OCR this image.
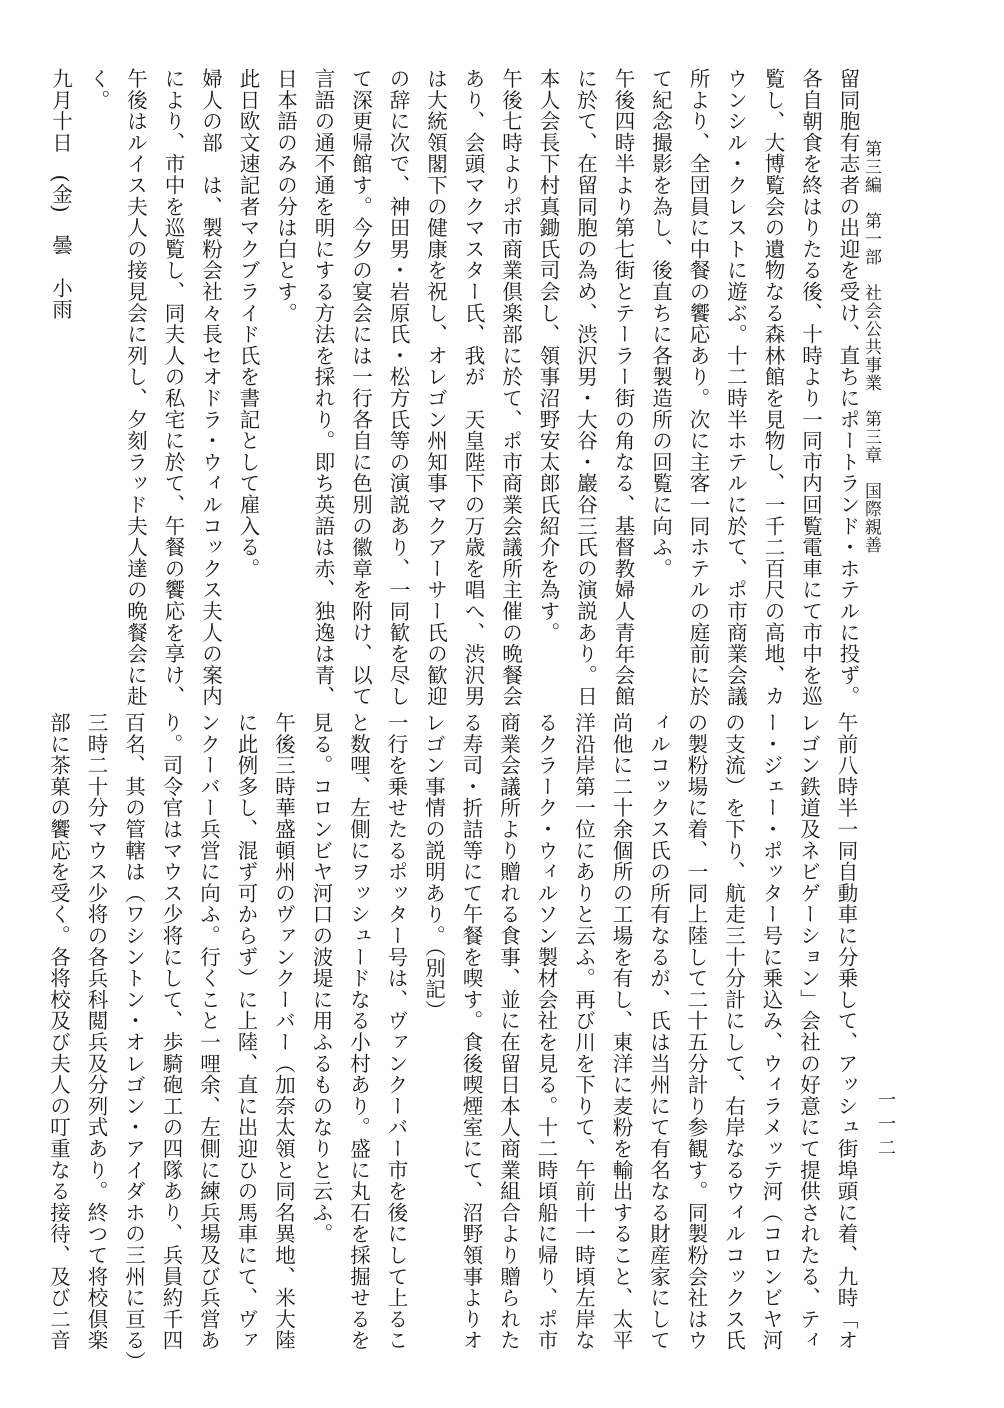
第三編　第一部　社会公共事業　第三章　国際親善
一一二
留同胞有志者の出迎を受け、直ちにポートランド・ホテルに投ず。
各自朝食を終はりたる後、十時より一同市内回覧電車にて市中を巡
覧し、大博覧会の遺物なる森林館を見物し、一千二百尺の高地、カ
ウンシル・クレストに遊ぶ。十二時半ホテルに於て、ポ市商業会議
所より、全団員に中餐の饗応あり。次に主客一同ホテルの庭前に於
て紀念撮影を為し、後直ちに各製造所の回覧に向ふ。
午後四時半より第七街とテーラー街の角なる、基督教婦人青年会館
に於て、在留同胞の為め、渋沢男・大谷・巖谷三氏の演説あり。日
本人会長下村真鋤氏司会し、領事沼野安太郎氏紹介を為す。
午後七時よりポ市商業倶楽部に於て、ポ市商業会議所主催の晩餐会
あり、会頭マクマスター氏、我が　天皇陛下の万歳を唱へ、渋沢男
は大統領閣下の健康を祝し、オレゴン州知事マクアーサー氏の歓迎
の辞に次で、神田男・岩原氏・松方氏等の演説あり、一同歓を尽し
て深更帰館す。今夕の宴会には一行各自に色別の徽章を附け、以て
言語の通不通を明にする方法を採れり。即ち英語は赤、独逸は青、
日本語のみの分は白とす。
此日欧文速記者マクブライド氏を書記として雇入る。
婦人の部　は、製粉会社々長セオドラ・ウィルコックス夫人の案内
により、市中を巡覧し、同夫人の私宅に於て、午餐の饗応を享け、
午後はルイス夫人の接見会に列し、夕刻ラッド夫人達の晩餐会に赴
く。
九月十日　(金)　曇　小雨
午前八時半一同自動車に分乗して、アッシュ街埠頭に着、九時「オ
レゴン鉄道及ネビゲーション」会社の好意にて提供されたる、ティ
ー・ジェー・ポッター号に乗込み、ウィラメッテ河（コロンビヤ河
の支流）を下り、航走三十分計にして、右岸なるウィルコックス氏
の製粉場に着、一同上陸して二十五分計り参観す。同製粉会社はウ
ィルコックス氏の所有なるが、氏は当州にて有名なる財産家にして
尚他に二十余個所の工場を有し、東洋に麦粉を輸出すること、太平
洋沿岸第一位にありと云ふ。再び川を下りて、午前十一時頃左岸な
るクラーク・ウィルソン製材会社を見る。十二時頃船に帰り、ポ市
商業会議所より贈れる食事、並に在留日本人商業組合より贈られた
る寿司・折詰等にて午餐を喫す。食後喫煙室にて、沼野領事よりオ
レゴン事情の説明あり。（別記）
一行を乗せたるポッター号は、ヴァンクーバー市を後にして上るこ
と数哩、左側にヲッシュードなる小村あり。盛に丸石を採掘せるを
見る。コロンビヤ河口の波堤に用ふるものなりと云ふ。
午後三時華盛頓州のヴァンクーバー（加奈太領と同名異地、米大陸
に此例多し、混ず可からず）に上陸、直に出迎ひの馬車にて、ヴァ
ンクーバー兵営に向ふ。行くこと一哩余、左側に練兵場及び兵営あ
り。司令官はマウス少将にして、歩騎砲工の四隊あり、兵員約千四
百名、其の管轄は（ワシントン・オレゴン・アイダホの三州に亘る）
三時二十分マウス少将の各兵科閲兵及分列式あり。終つて将校倶楽
部に茶菓の饗応を受く。各将校及び夫人の叮重なる接待、及び二音
